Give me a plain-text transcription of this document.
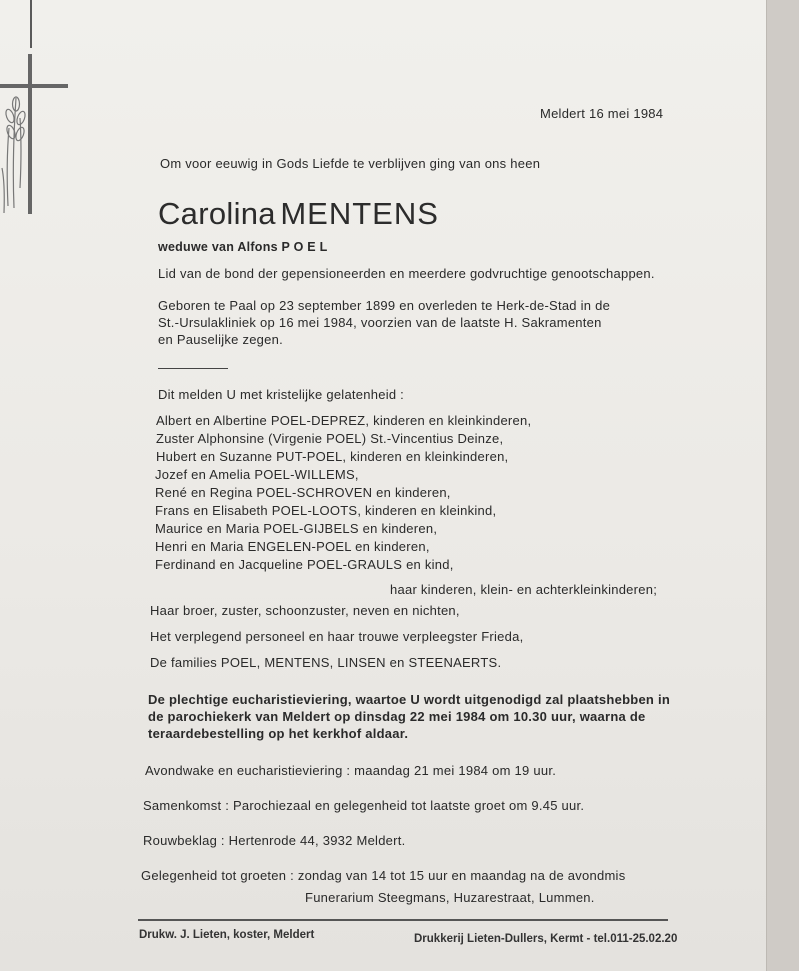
Meldert 16 mei 1984
Om voor eeuwig in Gods Liefde te verblijven ging van ons heen
Carolina MENTENS
weduwe van Alfons P O E L
Lid van de bond der gepensioneerden en meerdere godvruchtige genootschappen.
Geboren te Paal op 23 september 1899 en overleden te Herk-de-Stad in de
St.-Ursulakliniek op 16 mei 1984, voorzien van de laatste H. Sakramenten
en Pauselijke zegen.
Dit melden U met kristelijke gelatenheid :
Albert en Albertine POEL-DEPREZ, kinderen en kleinkinderen,
Zuster Alphonsine (Virgenie POEL) St.-Vincentius Deinze,
Hubert en Suzanne PUT-POEL, kinderen en kleinkinderen,
Jozef en Amelia POEL-WILLEMS,
René en Regina POEL-SCHROVEN en kinderen,
Frans en Elisabeth POEL-LOOTS, kinderen en kleinkind,
Maurice en Maria POEL-GIJBELS en kinderen,
Henri en Maria ENGELEN-POEL en kinderen,
Ferdinand en Jacqueline POEL-GRAULS en kind,
haar kinderen, klein- en achterkleinkinderen;
Haar broer, zuster, schoonzuster, neven en nichten,
Het verplegend personeel en haar trouwe verpleegster Frieda,
De families POEL, MENTENS, LINSEN en STEENAERTS.
De plechtige eucharistieviering, waartoe U wordt uitgenodigd zal plaatshebben in
de parochiekerk van Meldert op dinsdag 22 mei 1984 om 10.30 uur, waarna de
teraardebestelling op het kerkhof aldaar.
Avondwake en eucharistieviering : maandag 21 mei 1984 om 19 uur.
Samenkomst : Parochiezaal en gelegenheid tot laatste groet om 9.45 uur.
Rouwbeklag : Hertenrode 44, 3932 Meldert.
Gelegenheid tot groeten : zondag van 14 tot 15 uur en maandag na de avondmis
Funerarium Steegmans, Huzarestraat, Lummen.
Drukw. J. Lieten, koster, Meldert	Drukkerij Lieten-Dullers, Kermt - tel.011-25.02.20
